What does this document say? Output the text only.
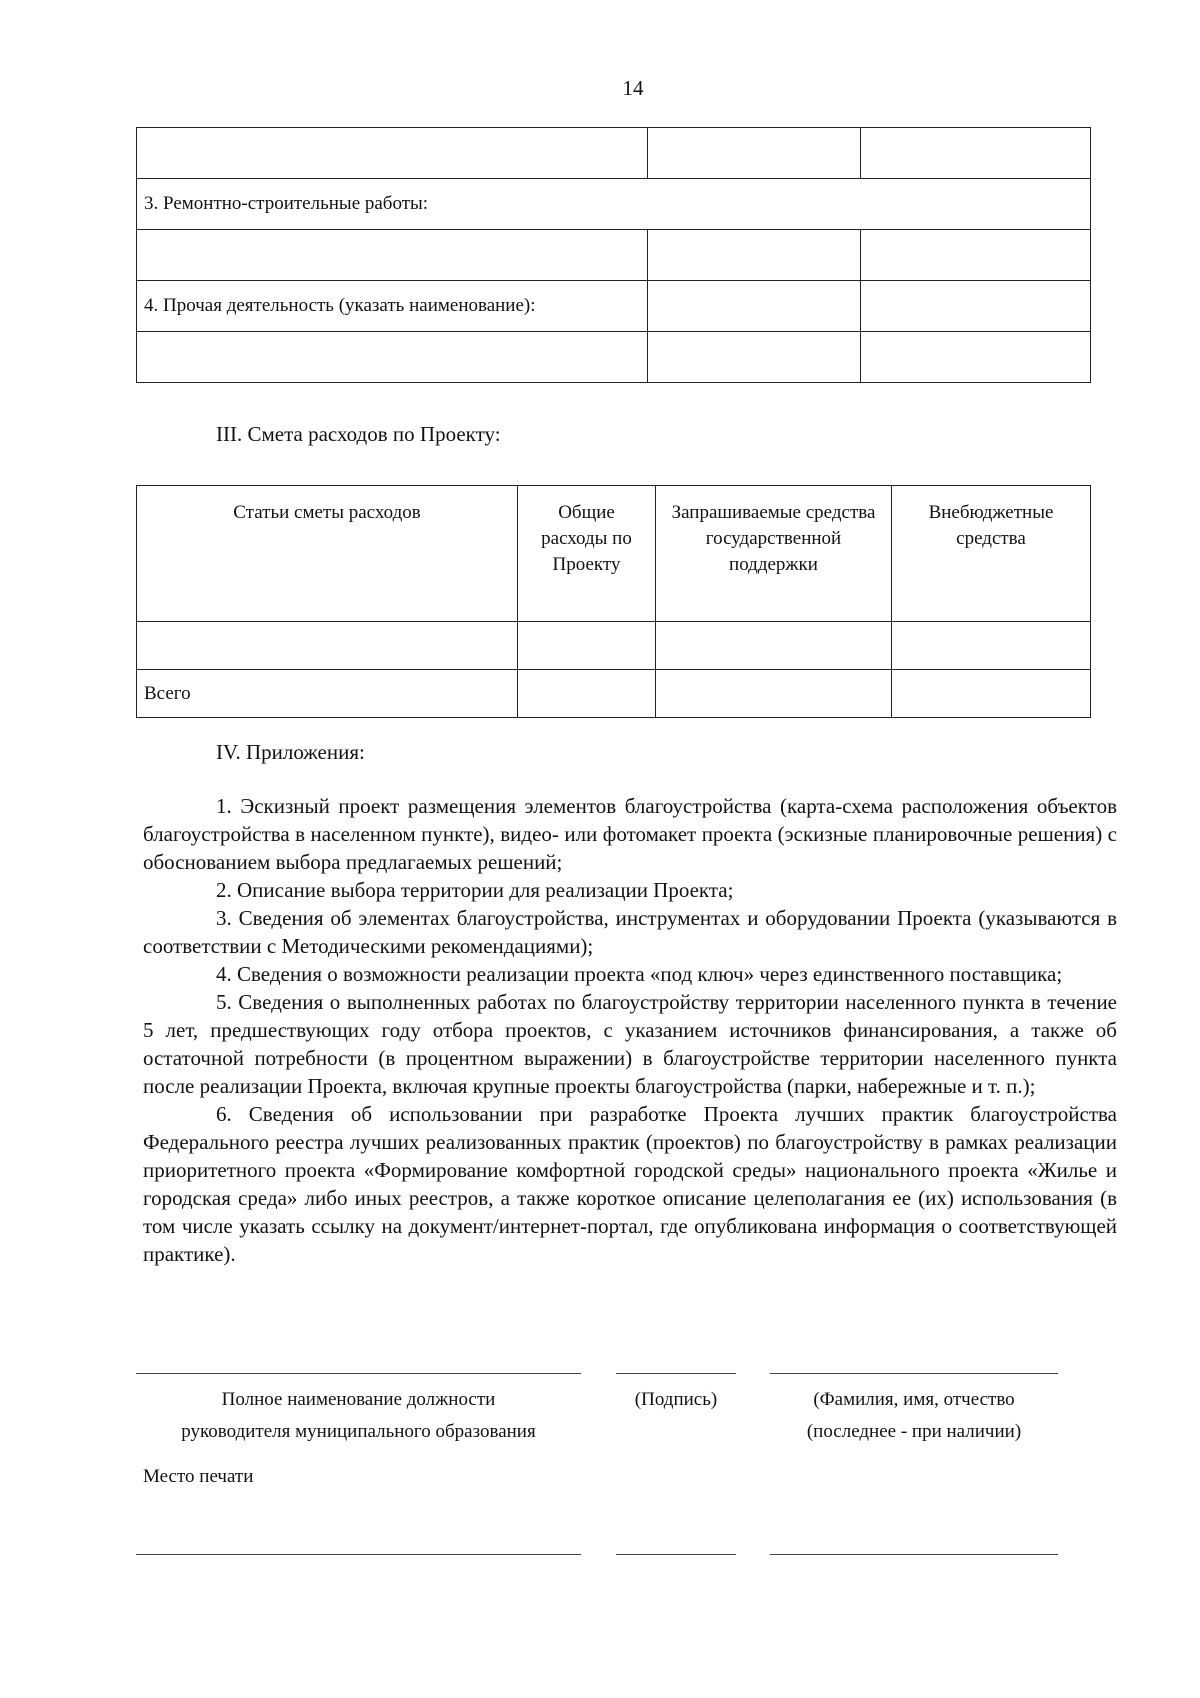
14

3. Ремонтно-строительные работы:		

4. Прочая деятельность (указать наименование):		

III. Смета расходов по Проекту:
Статьи сметы расходов	Общие расходы по Проекту	Запрашиваемые средства государственной поддержки	Внебюджетные средства

Всего			
IV. Приложения:

1. Эскизный проект размещения элементов благоустройства (карта-схема расположения объектов благоустройства в населенном пункте), видео- или фотомакет проекта (эскизные планировочные решения) с обоснованием выбора предлагаемых решений;

2. Описание выбора территории для реализации Проекта;

3. Сведения об элементах благоустройства, инструментах и оборудовании Проекта (указываются в соответствии с Методическими рекомендациями);

4. Сведения о возможности реализации проекта «под ключ» через единственного поставщика;

5. Сведения о выполненных работах по благоустройству территории населенного пункта в течение 5 лет, предшествующих году отбора проектов, с указанием источников финансирования, а также об остаточной потребности (в процентном выражении) в благоустройстве территории населенного пункта после реализации Проекта, включая крупные проекты благоустройства (парки, набережные и т. п.);

6. Сведения об использовании при разработке Проекта лучших практик благоустройства Федерального реестра лучших реализованных практик (проектов) по благоустройству в рамках реализации приоритетного проекта «Формирование комфортной городской среды» национального проекта «Жилье и городская среда» либо иных реестров, а также короткое описание целеполагания ее (их) использования (в том числе указать ссылку на документ/интернет-портал, где опубликована информация о соответствующей практике).

Полное наименование должности
руководителя муниципального образования
(Подпись)	(Фамилия, имя, отчество
(последнее - при наличии)
Место печати
